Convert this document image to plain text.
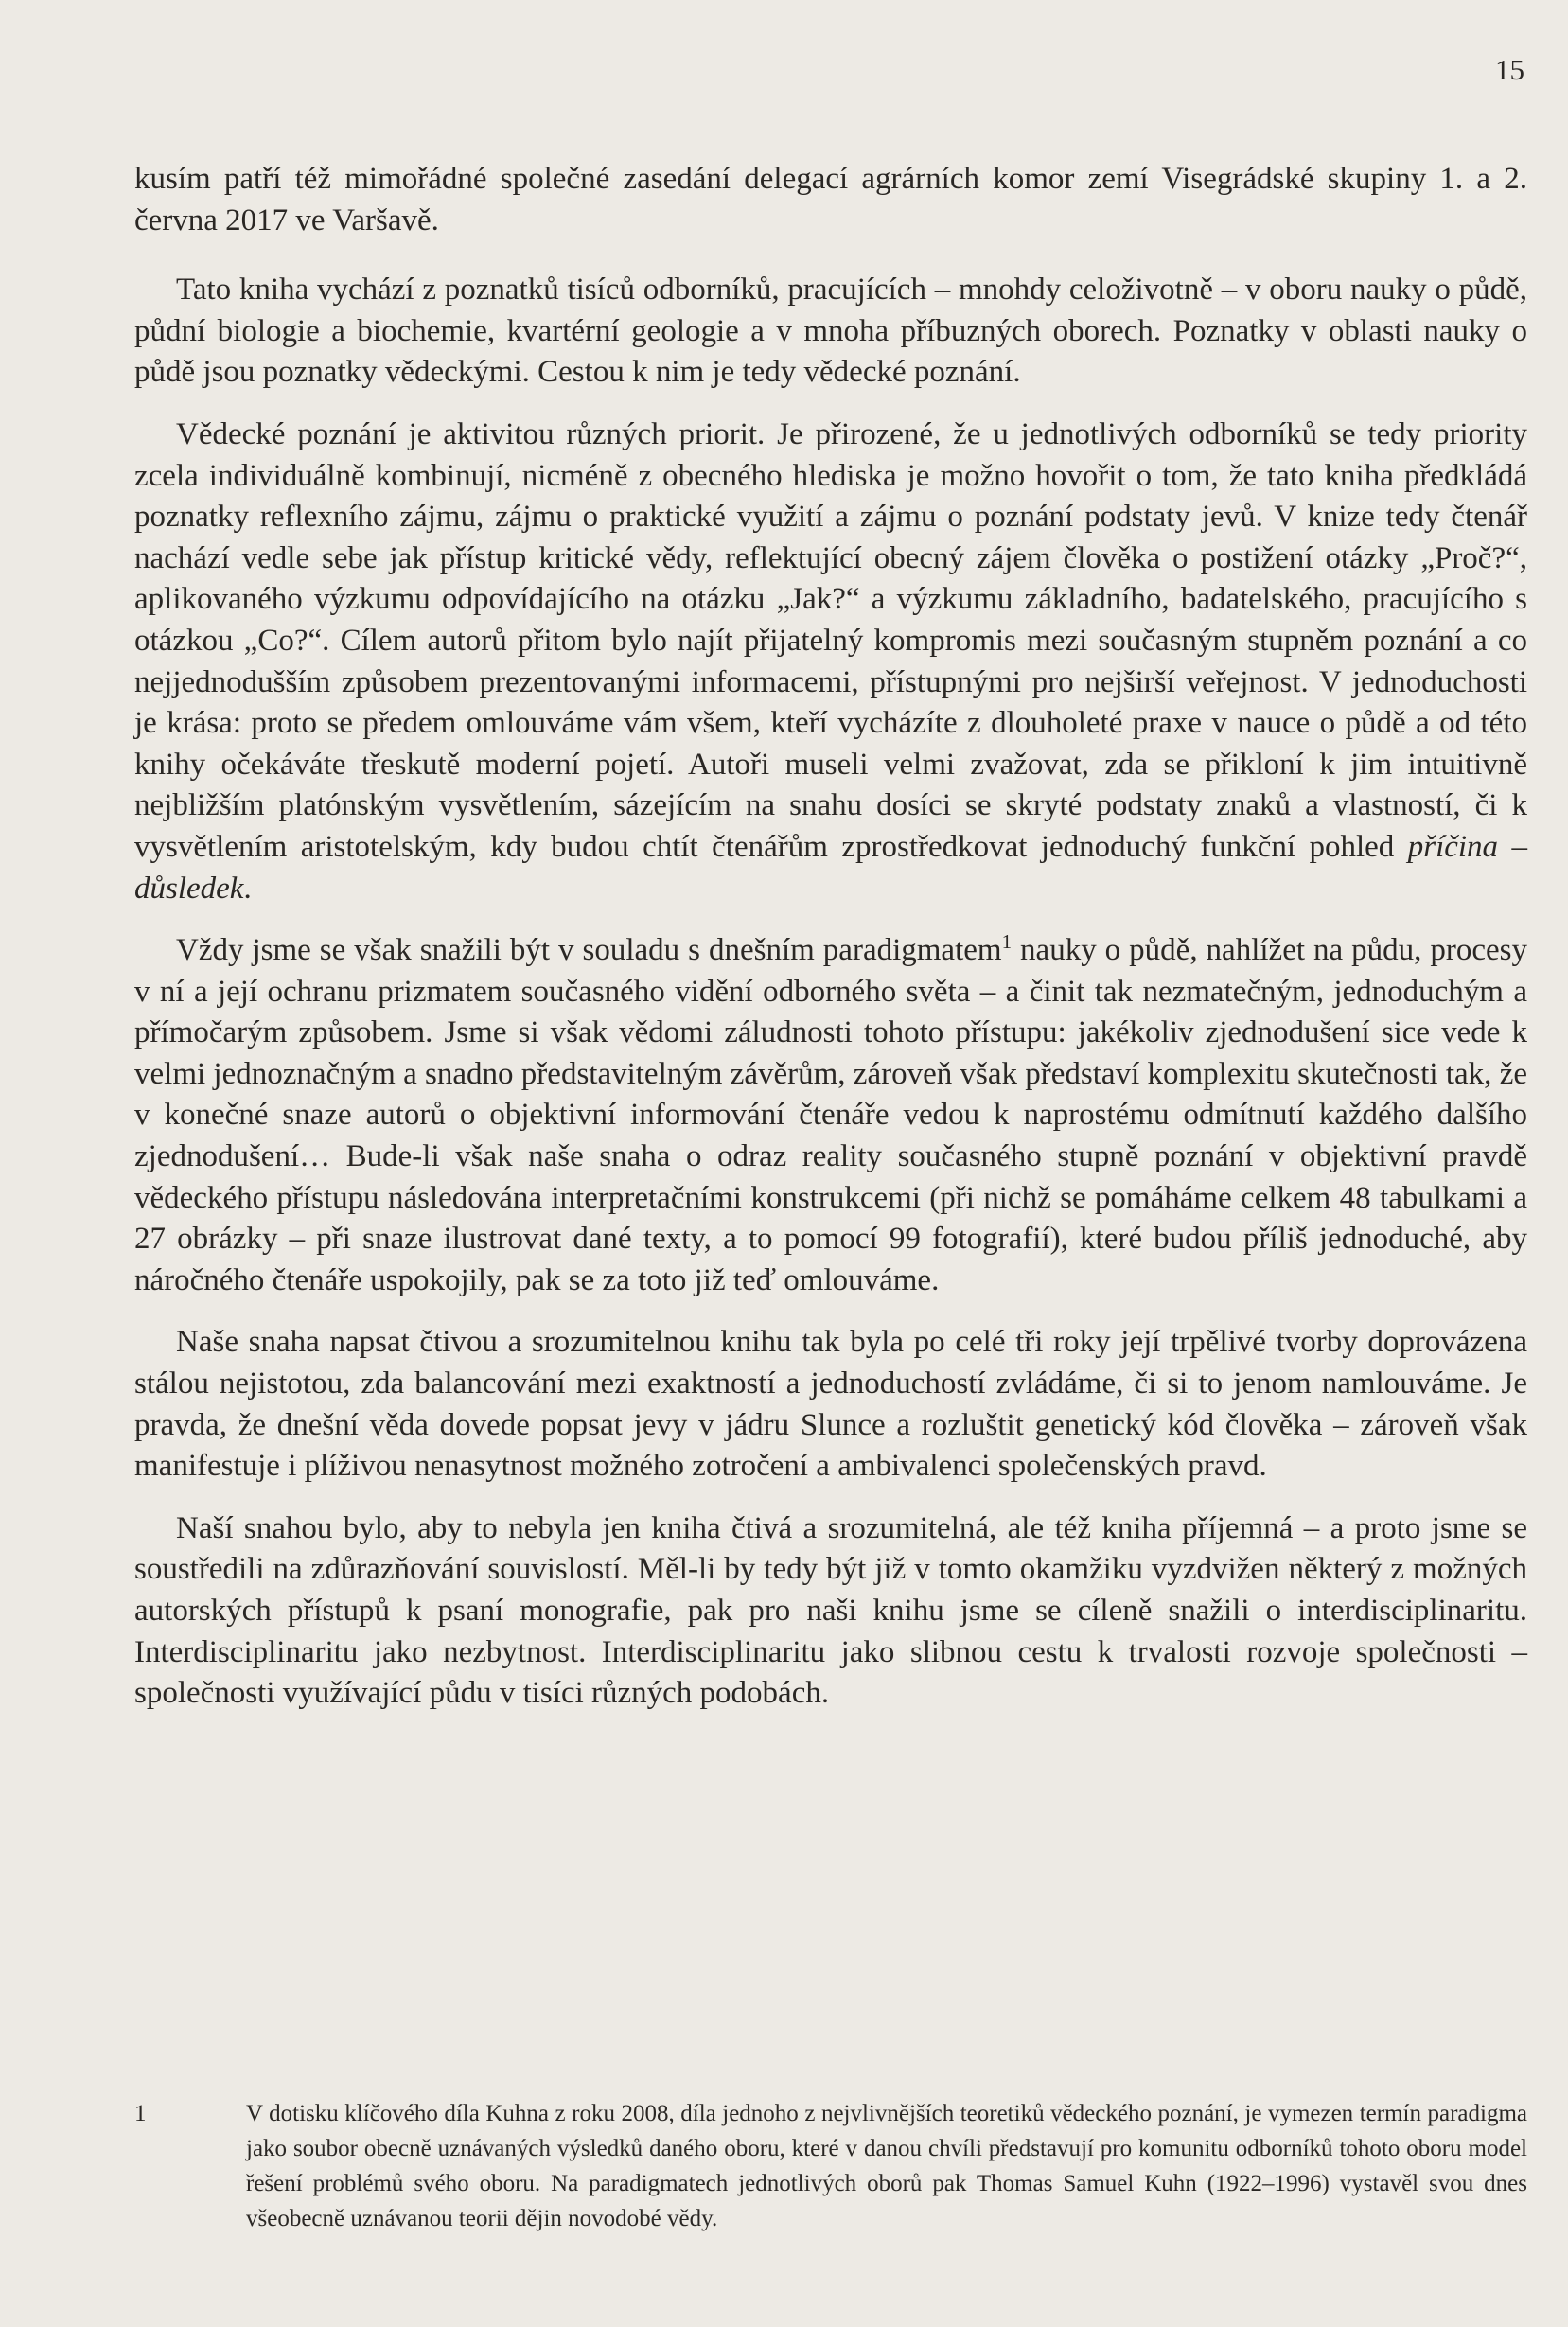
15

kusím patří též mimořádné společné zasedání delegací agrárních komor zemí Visegrádské skupiny 1. a 2. června 2017 ve Varšavě.

Tato kniha vychází z poznatků tisíců odborníků, pracujících – mnohdy celoživotně – v oboru nauky o půdě, půdní biologie a biochemie, kvartérní geologie a v mnoha příbuzných oborech. Poznatky v oblasti nauky o půdě jsou poznatky vědeckými. Cestou k nim je tedy vědecké poznání.

Vědecké poznání je aktivitou různých priorit. Je přirozené, že u jednotlivých odborníků se tedy priority zcela individuálně kombinují, nicméně z obecného hlediska je možno hovořit o tom, že tato kniha předkládá poznatky reflexního zájmu, zájmu o praktické využití a zájmu o poznání podstaty jevů. V knize tedy čtenář nachází vedle sebe jak přístup kritické vědy, reflektující obecný zájem člověka o postižení otázky „Proč?“, aplikovaného výzkumu odpovídajícího na otázku „Jak?“ a výzkumu základního, badatelského, pracujícího s otázkou „Co?“. Cílem autorů přitom bylo najít přijatelný kompromis mezi současným stupněm poznání a co nejjednodušším způsobem prezentovanými informacemi, přístupnými pro nejširší veřejnost. V jednoduchosti je krása: proto se předem omlouváme vám všem, kteří vycházíte z dlouholeté praxe v nauce o půdě a od této knihy očekáváte třeskutě moderní pojetí. Autoři museli velmi zvažovat, zda se přikloní k jim intuitivně nejbližším platónským vysvětlením, sázejícím na snahu dosíci se skryté podstaty znaků a vlastností, či k vysvětlením aristotelským, kdy budou chtít čtenářům zprostředkovat jednoduchý funkční pohled příčina – důsledek.

Vždy jsme se však snažili být v souladu s dnešním paradigmatem$^1$ nauky o půdě, nahlížet na půdu, procesy v ní a její ochranu prizmatem současného vidění odborného světa – a činit tak nezmatečným, jednoduchým a přímočarým způsobem. Jsme si však vědomi záludnosti tohoto přístupu: jakékoliv zjednodušení sice vede k velmi jednoznačným a snadno představitelným závěrům, zároveň však představí komplexitu skutečnosti tak, že v konečné snaze autorů o objektivní informování čtenáře vedou k naprostému odmítnutí každého dalšího zjednodušení… Bude-li však naše snaha o odraz reality současného stupně poznání v objektivní pravdě vědeckého přístupu následována interpretačními konstrukcemi (při nichž se pomáháme celkem 48 tabulkami a 27 obrázky – při snaze ilustrovat dané texty, a to pomocí 99 fotografií), které budou příliš jednoduché, aby náročného čtenáře uspokojily, pak se za toto již teď omlouváme.

Naše snaha napsat čtivou a srozumitelnou knihu tak byla po celé tři roky její trpělivé tvorby doprovázena stálou nejistotou, zda balancování mezi exaktností a jednoduchostí zvládáme, či si to jenom namlouváme. Je pravda, že dnešní věda dovede popsat jevy v jádru Slunce a rozluštit genetický kód člověka – zároveň však manifestuje i plíživou nenasytnost možného zotročení a ambivalenci společenských pravd.

Naší snahou bylo, aby to nebyla jen kniha čtivá a srozumitelná, ale též kniha příjemná – a proto jsme se soustředili na zdůrazňování souvislostí. Měl-li by tedy být již v tomto okamžiku vyzdvižen některý z možných autorských přístupů k psaní monografie, pak pro naši knihu jsme se cíleně snažili o interdisciplinaritu. Interdisciplinaritu jako nezbytnost. Interdisciplinaritu jako slibnou cestu k trvalosti rozvoje společnosti – společnosti využívající půdu v tisíci různých podobách.

1	V dotisku klíčového díla Kuhna z roku 2008, díla jednoho z nejvlivnějších teoretiků vědeckého poznání, je vymezen termín paradigma jako soubor obecně uznávaných výsledků daného oboru, které v danou chvíli představují pro komunitu odborníků tohoto oboru model řešení problémů svého oboru. Na paradigmatech jednotlivých oborů pak Thomas Samuel Kuhn (1922–1996) vystavěl svou dnes všeobecně uznávanou teorii dějin novodobé vědy.
